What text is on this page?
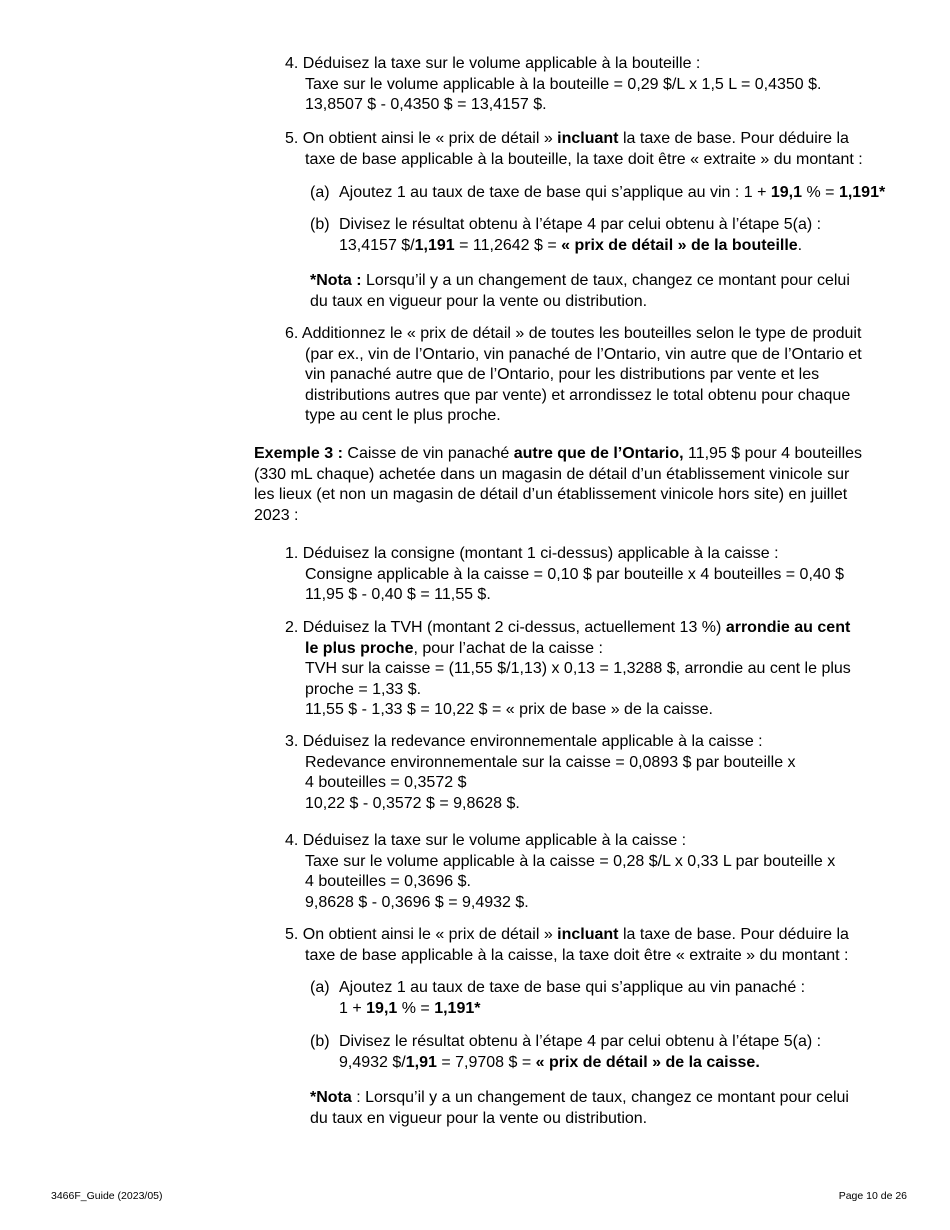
4. Déduisez la taxe sur le volume applicable à la bouteille :
Taxe sur le volume applicable à la bouteille = 0,29 $/L x 1,5 L = 0,4350 $.
13,8507 $ - 0,4350 $ = 13,4157 $.
5. On obtient ainsi le « prix de détail » incluant la taxe de base. Pour déduire la
taxe de base applicable à la bouteille, la taxe doit être « extraite » du montant :
(a) Ajoutez 1 au taux de taxe de base qui s’applique au vin : 1 + 19,1 % = 1,191*
(b) Divisez le résultat obtenu à l’étape 4 par celui obtenu à l’étape 5(a) :
13,4157 $/1,191 = 11,2642 $ = « prix de détail » de la bouteille.
*Nota : Lorsqu’il y a un changement de taux, changez ce montant pour celui
du taux en vigueur pour la vente ou distribution.
6. Additionnez le « prix de détail » de toutes les bouteilles selon le type de produit
(par ex., vin de l’Ontario, vin panaché de l’Ontario, vin autre que de l’Ontario et
vin panaché autre que de l’Ontario, pour les distributions par vente et les
distributions autres que par vente) et arrondissez le total obtenu pour chaque
type au cent le plus proche.
Exemple 3 : Caisse de vin panaché autre que de l’Ontario, 11,95 $ pour 4 bouteilles
(330 mL chaque) achetée dans un magasin de détail d’un établissement vinicole sur
les lieux (et non un magasin de détail d’un établissement vinicole hors site) en juillet
2023 :
1. Déduisez la consigne (montant 1 ci-dessus) applicable à la caisse :
Consigne applicable à la caisse = 0,10 $ par bouteille x 4 bouteilles = 0,40 $
11,95 $ - 0,40 $ = 11,55 $.
2. Déduisez la TVH (montant 2 ci-dessus, actuellement 13 %) arrondie au cent
le plus proche, pour l’achat de la caisse :
TVH sur la caisse = (11,55 $/1,13) x 0,13 = 1,3288 $, arrondie au cent le plus
proche = 1,33 $.
11,55 $ - 1,33 $ = 10,22 $ = « prix de base » de la caisse.
3. Déduisez la redevance environnementale applicable à la caisse :
Redevance environnementale sur la caisse = 0,0893 $ par bouteille x
4 bouteilles = 0,3572 $
10,22 $ - 0,3572 $ = 9,8628 $.
4. Déduisez la taxe sur le volume applicable à la caisse :
Taxe sur le volume applicable à la caisse = 0,28 $/L x 0,33 L par bouteille x
4 bouteilles = 0,3696 $.
9,8628 $ - 0,3696 $ = 9,4932 $.
5. On obtient ainsi le « prix de détail » incluant la taxe de base. Pour déduire la
taxe de base applicable à la caisse, la taxe doit être « extraite » du montant :
(a) Ajoutez 1 au taux de taxe de base qui s’applique au vin panaché :
1 + 19,1 % = 1,191*
(b) Divisez le résultat obtenu à l’étape 4 par celui obtenu à l’étape 5(a) :
9,4932 $/1,91 = 7,9708 $ = « prix de détail » de la caisse.
*Nota : Lorsqu’il y a un changement de taux, changez ce montant pour celui
du taux en vigueur pour la vente ou distribution.
3466F_Guide (2023/05)	Page 10 de 26
